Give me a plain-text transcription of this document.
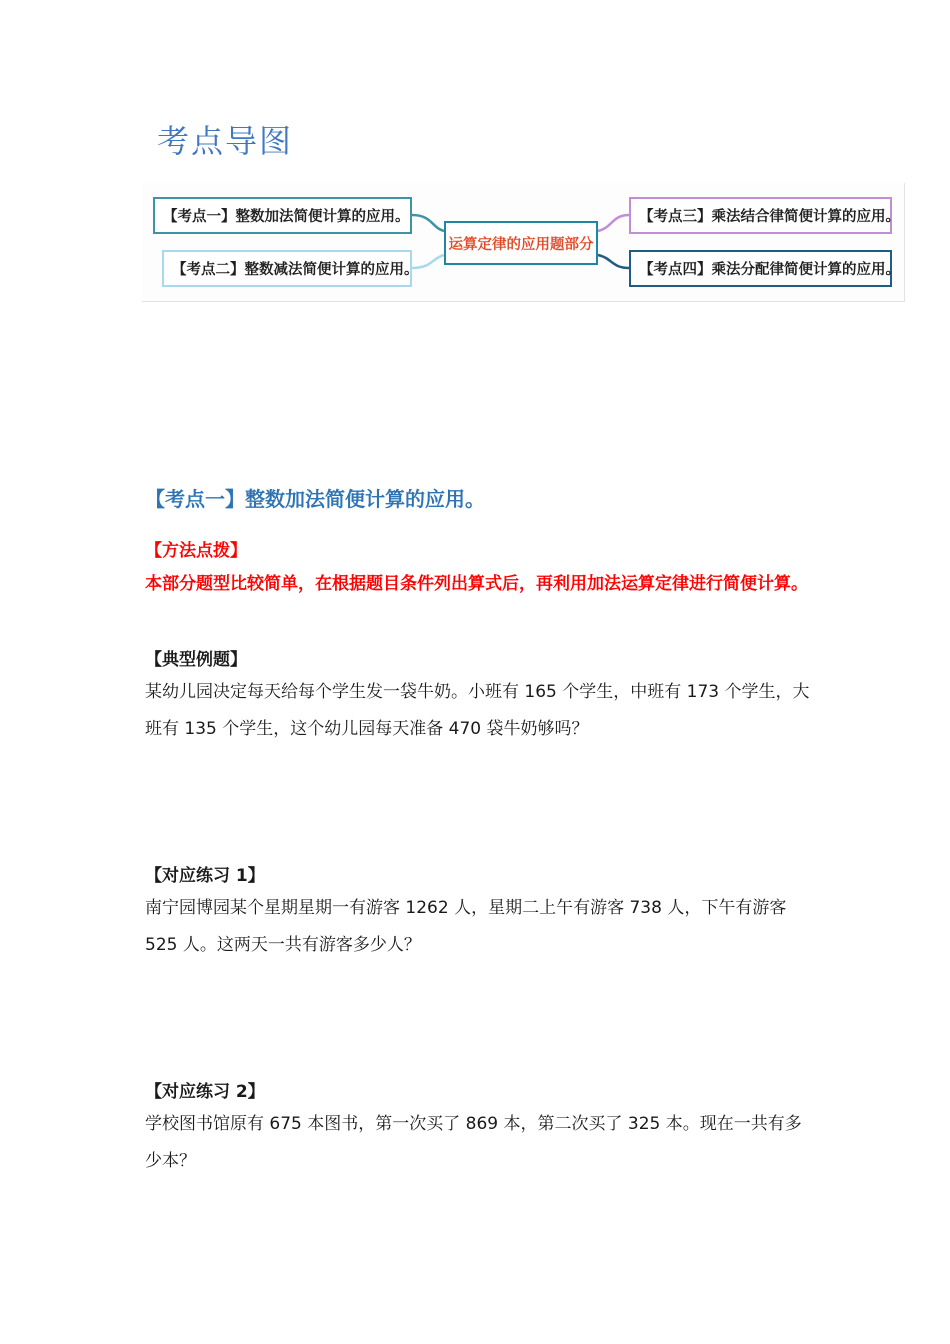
考点导图
【考点一】整数加法简便计算的应用。
【考点二】整数减法简便计算的应用。
运算定律的应用题部分
【考点三】乘法结合律简便计算的应用。
【考点四】乘法分配律简便计算的应用。
【考点一】整数加法简便计算的应用。
【方法点拨】
本部分题型比较简单，在根据题目条件列出算式后，再利用加法运算定律进行简便计算。
【典型例题】
某幼儿园决定每天给每个学生发一袋牛奶。小班有 165 个学生，中班有 173 个学生，大班有 135 个学生，这个幼儿园每天准备 470 袋牛奶够吗？
【对应练习 1】
南宁园博园某个星期星期一有游客 1262 人，星期二上午有游客 738 人，下午有游客 525 人。这两天一共有游客多少人？
【对应练习 2】
学校图书馆原有 675 本图书，第一次买了 869 本，第二次买了 325 本。现在一共有多少本？
